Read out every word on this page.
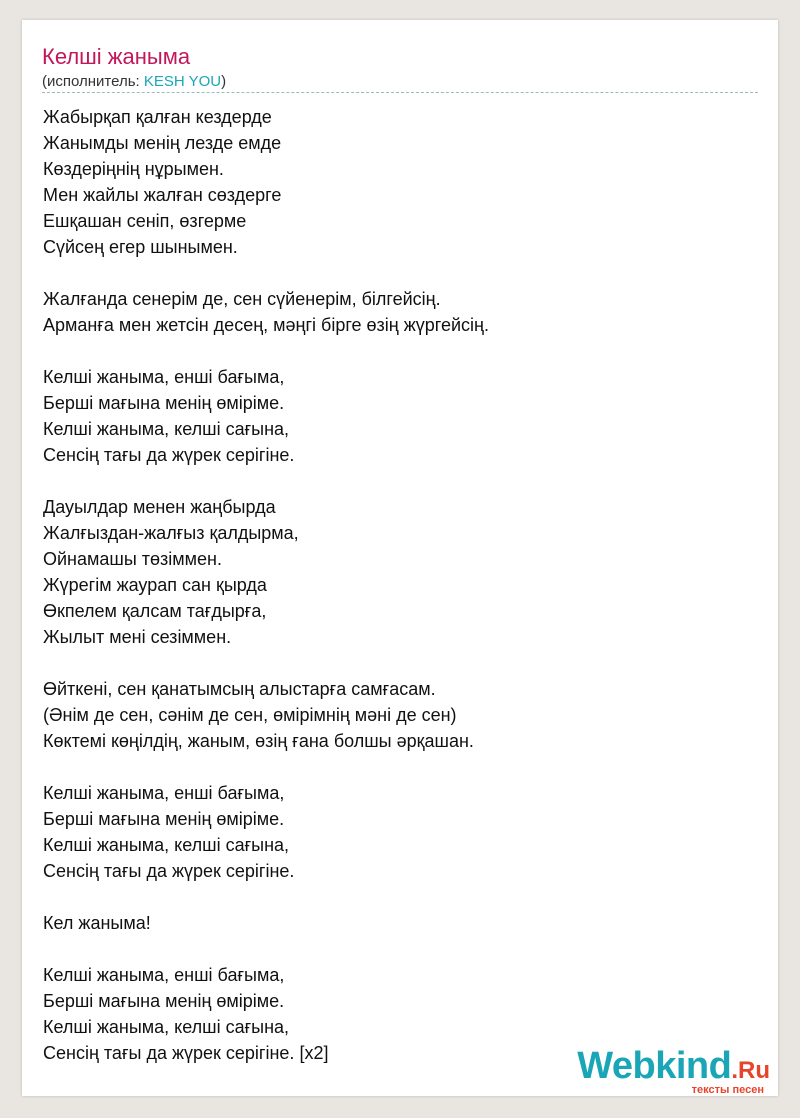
Келші жаныма
(исполнитель: KESH YOU)
Жабырқап қалған кездерде
Жанымды менің лезде емде
Көздеріңнің нұрымен.
Мен жайлы жалған сөздерге
Ешқашан сеніп, өзгерме
Сүйсең егер шынымен.
Жалғанда сенерім де, сен сүйенерім, білгейсің.
Арманға мен жетсін десең, мәңгі бірге өзің жүргейсің.
Келші жаныма, енші бағыма,
Берші мағына менің өміріме.
Келші жаныма, келші сағына,
Сенсің тағы да жүрек серігіне.
Дауылдар менен жаңбырда
Жалғыздан-жалғыз қалдырма,
Ойнамашы төзіммен.
Жүрегім жаурап сан қырда
Өкпелем қалсам тағдырға,
Жылыт мені сезіммен.
Өйткені, сен қанатымсың алыстарға самғасам.
(Әнім де сен, сәнім де сен, өмірімнің мәні де сен)
Көктемі көңілдің, жаным, өзің ғана болшы әрқашан.
Келші жаныма, енші бағыма,
Берші мағына менің өміріме.
Келші жаныма, келші сағына,
Сенсің тағы да жүрек серігіне.
Кел жаныма!
Келші жаныма, енші бағыма,
Берші мағына менің өміріме.
Келші жаныма, келші сағына,
Сенсің тағы да жүрек серігіне. [x2]	Webkind.Ru
тексты песен
